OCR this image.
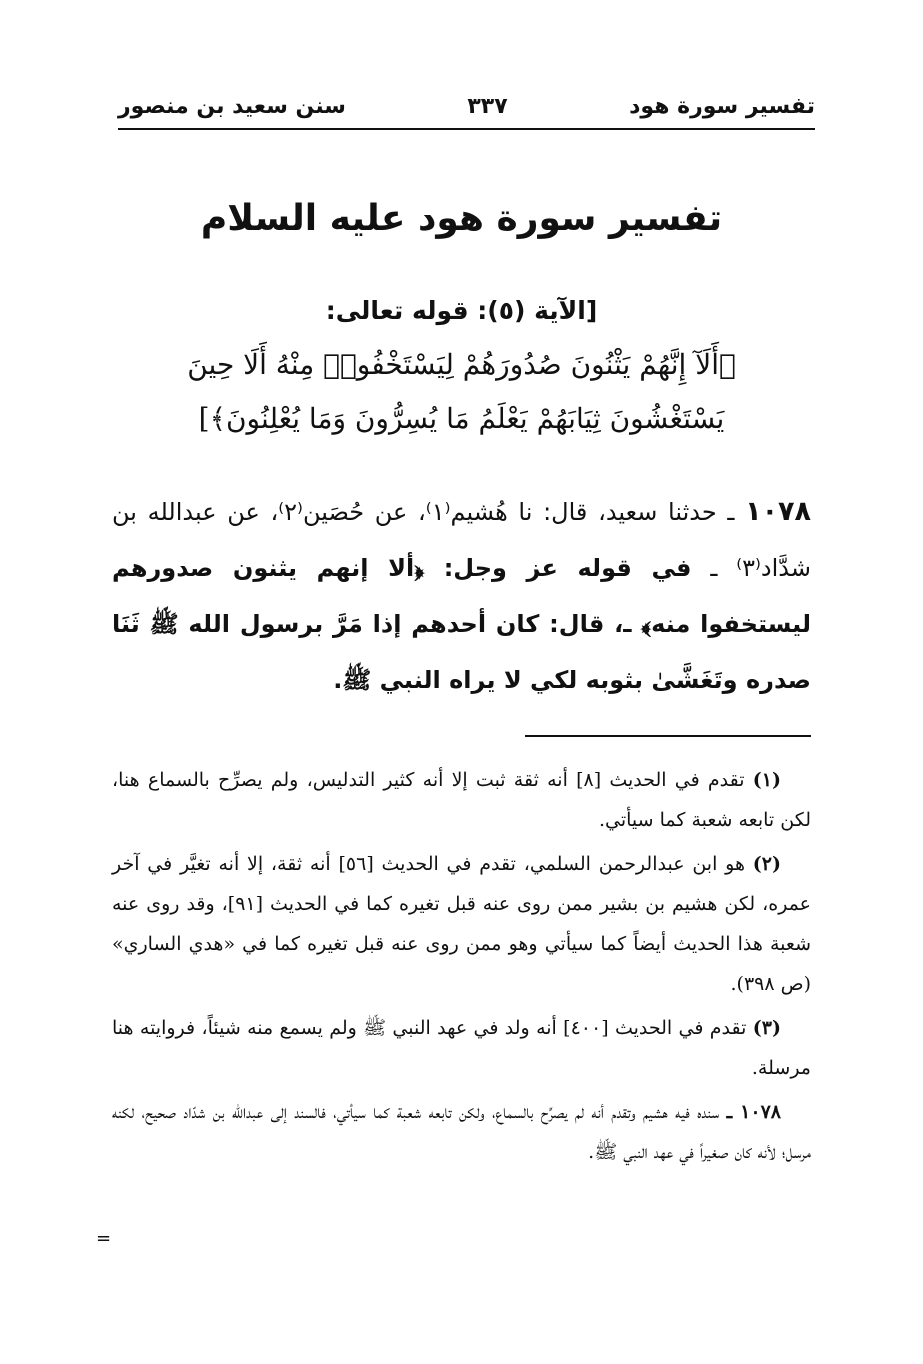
تفسير سورة هود
٣٣٧
سنن سعيد بن منصور
تفسير سورة هود عليه السلام
[الآية (٥): قوله تعالى:
﴿أَلَآ إِنَّهُمْ يَثْنُونَ صُدُورَهُمْ لِيَسْتَخْفُوا۟ مِنْهُ أَلَا حِينَ
يَسْتَغْشُونَ ثِيَابَهُمْ يَعْلَمُ مَا يُسِرُّونَ وَمَا يُعْلِنُونَ﴾]
١٠٧٨ ـ حدثنا سعيد، قال: نا هُشيم⁽١⁾، عن حُصَين⁽٢⁾، عن عبدالله بن شدَّاد⁽٣⁾ ـ في قوله عز وجل: ﴿ألا إنهم يثنون صدورهم ليستخفوا منه﴾ ـ، قال: كان أحدهم إذا مَرَّ برسول الله ﷺ ثَنَا صدره وتَغَشَّىٰ بثوبه لكي لا يراه النبي ﷺ.

(١) تقدم في الحديث [٨] أنه ثقة ثبت إلا أنه كثير التدليس، ولم يصرِّح بالسماع هنا، لكن تابعه شعبة كما سيأتي.

(٢) هو ابن عبدالرحمن السلمي، تقدم في الحديث [٥٦] أنه ثقة، إلا أنه تغيَّر في آخر عمره، لكن هشيم بن بشير ممن روى عنه قبل تغيره كما في الحديث [٩١]، وقد روى عنه شعبة هذا الحديث أيضاً كما سيأتي وهو ممن روى عنه قبل تغيره كما في «هدي الساري» (ص ٣٩٨).

(٣) تقدم في الحديث [٤٠٠] أنه ولد في عهد النبي ﷺ ولم يسمع منه شيئاً، فروايته هنا مرسلة.

١٠٧٨ ـ سنده فيه هشيم وتقدم أنه لم يصرِّح بالسماع، ولكن تابعه شعبة كما سيأتي، فالسند إلى عبدالله بن شدّاد صحيح، لكنه مرسل؛ لأنه كان صغيراً في عهد النبي ﷺ.

=
